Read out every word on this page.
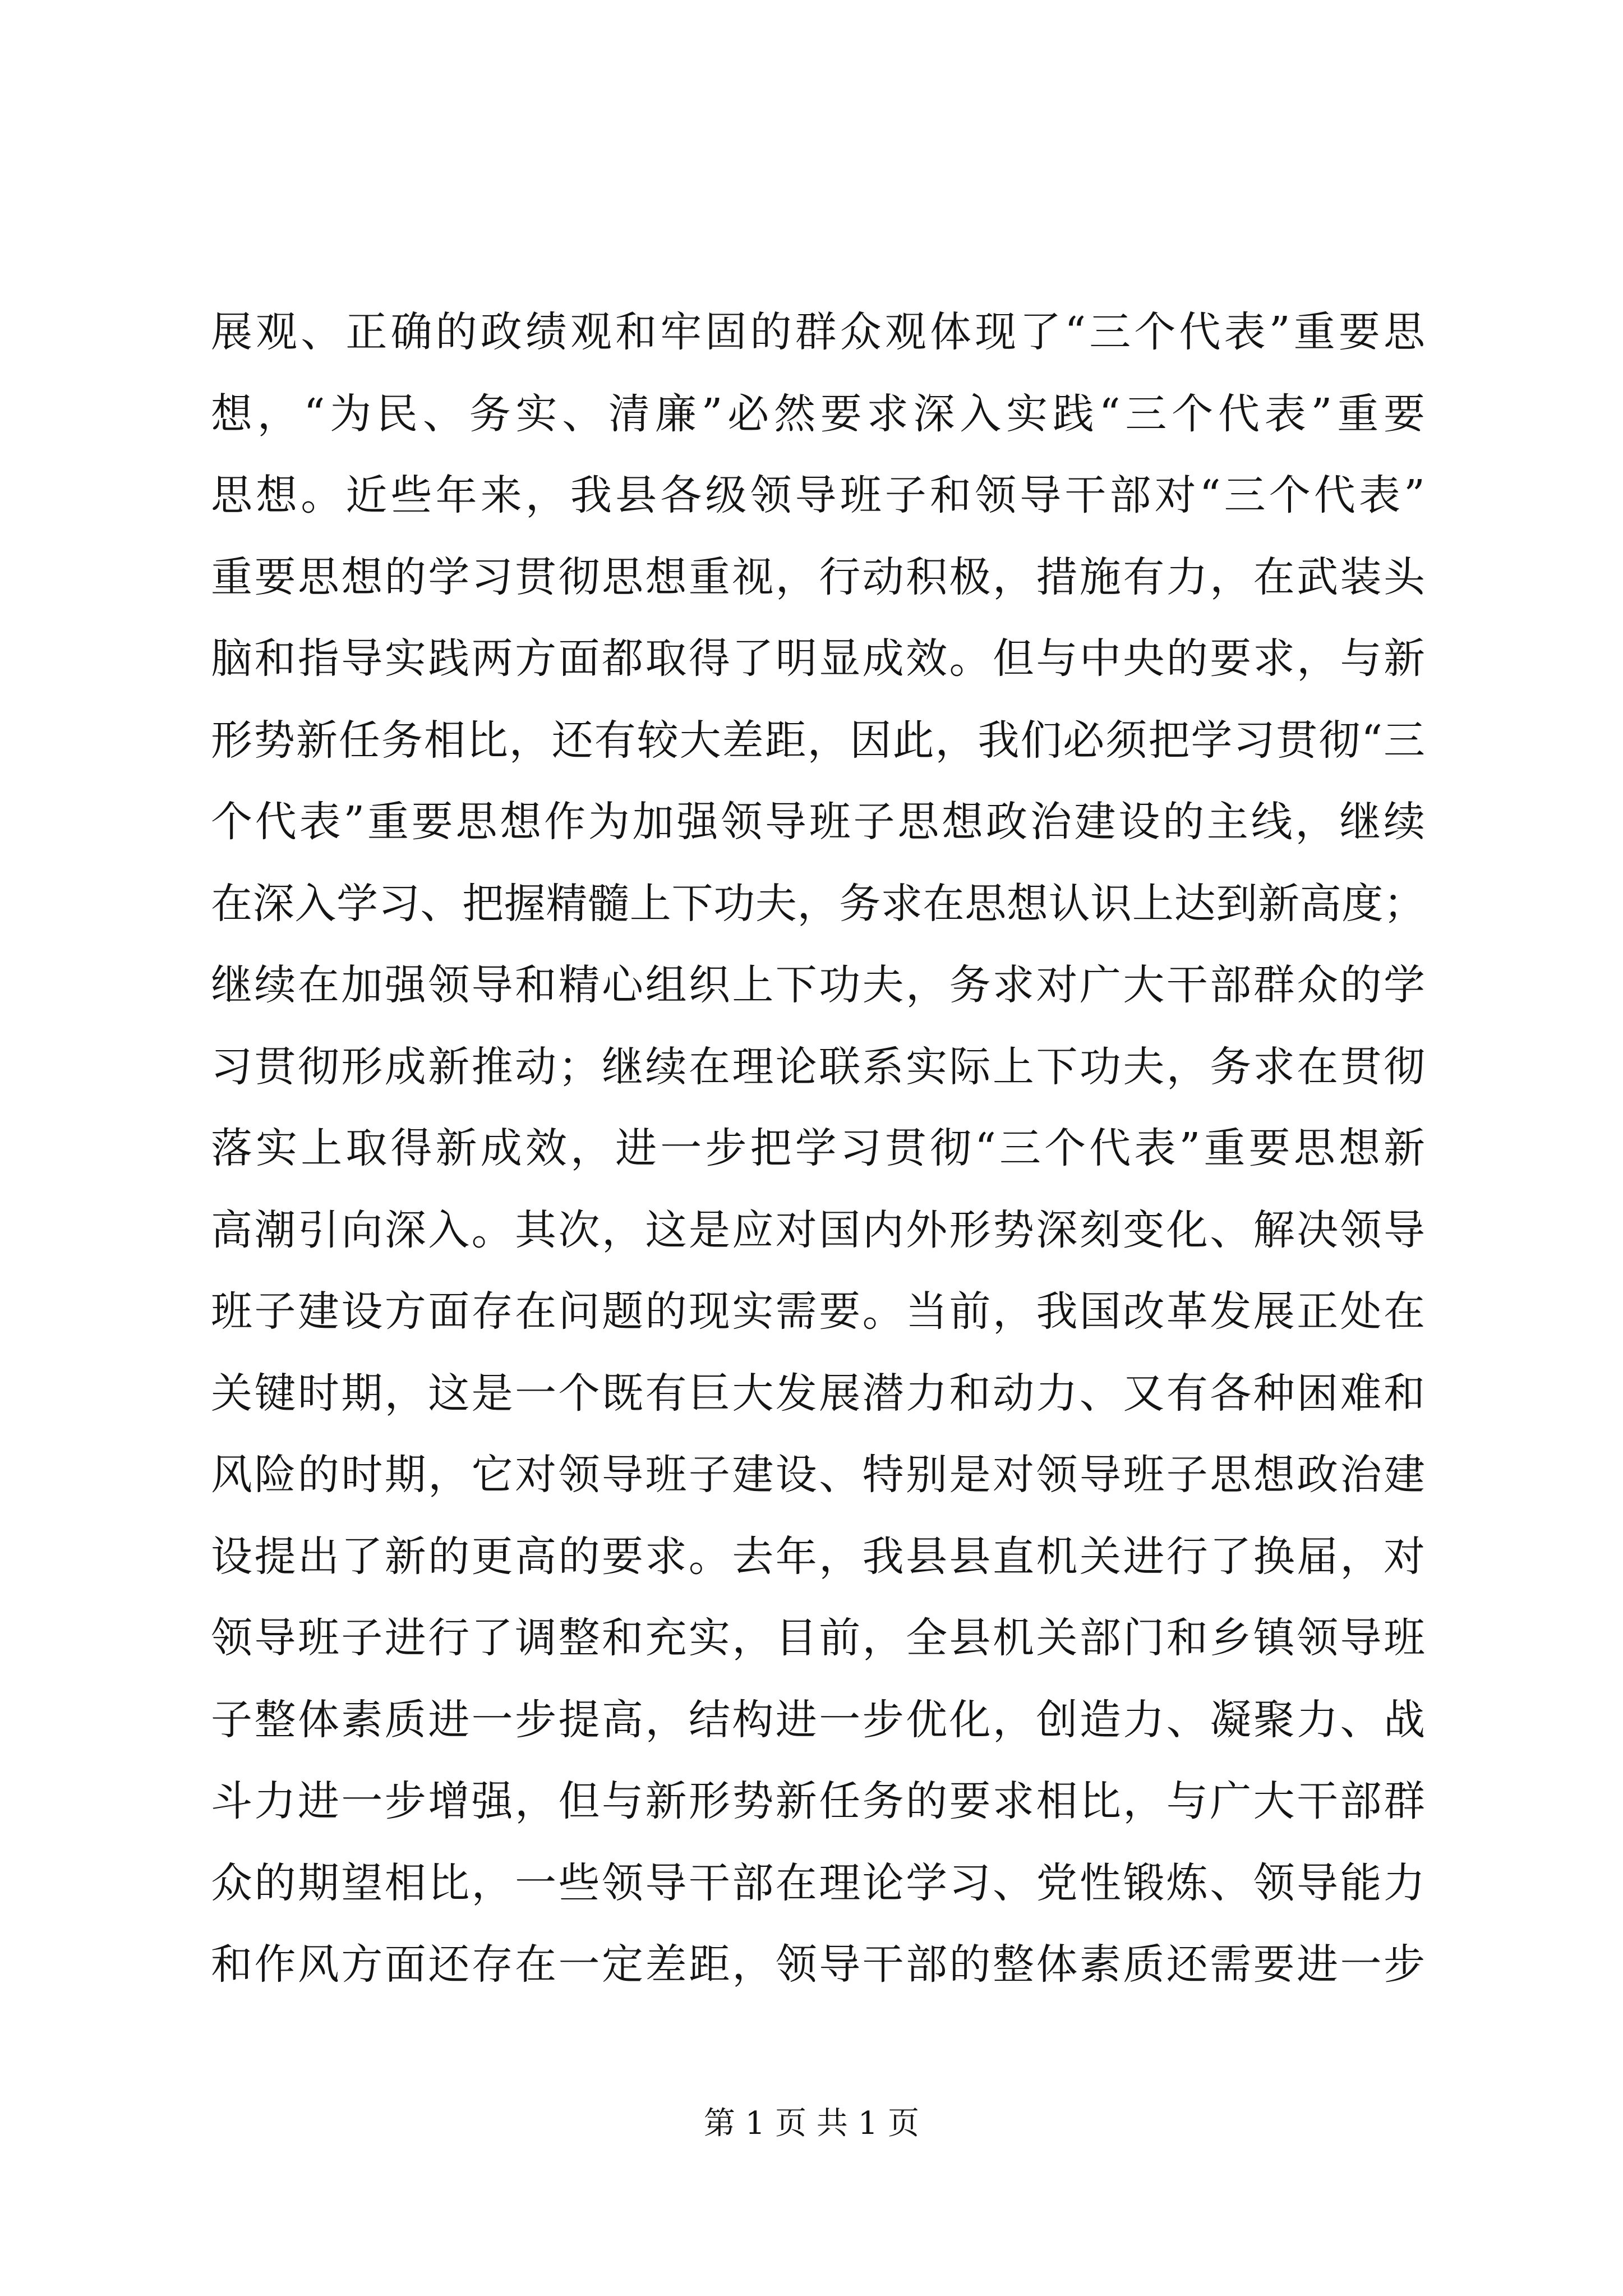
展观、正确的政绩观和牢固的群众观体现了“三个代表”重要思
想，“为民、务实、清廉”必然要求深入实践“三个代表”重要
思想。近些年来，我县各级领导班子和领导干部对“三个代表”
重要思想的学习贯彻思想重视，行动积极，措施有力，在武装头
脑和指导实践两方面都取得了明显成效。但与中央的要求，与新
形势新任务相比，还有较大差距，因此，我们必须把学习贯彻“三
个代表”重要思想作为加强领导班子思想政治建设的主线，继续
在深入学习、把握精髓上下功夫，务求在思想认识上达到新高度；
继续在加强领导和精心组织上下功夫，务求对广大干部群众的学
习贯彻形成新推动；继续在理论联系实际上下功夫，务求在贯彻
落实上取得新成效，进一步把学习贯彻“三个代表”重要思想新
高潮引向深入。其次，这是应对国内外形势深刻变化、解决领导
班子建设方面存在问题的现实需要。当前，我国改革发展正处在
关键时期，这是一个既有巨大发展潜力和动力、又有各种困难和
风险的时期，它对领导班子建设、特别是对领导班子思想政治建
设提出了新的更高的要求。去年，我县县直机关进行了换届，对
领导班子进行了调整和充实，目前，全县机关部门和乡镇领导班
子整体素质进一步提高，结构进一步优化，创造力、凝聚力、战
斗力进一步增强，但与新形势新任务的要求相比，与广大干部群
众的期望相比，一些领导干部在理论学习、党性锻炼、领导能力
和作风方面还存在一定差距，领导干部的整体素质还需要进一步
第 1 页 共 1 页
